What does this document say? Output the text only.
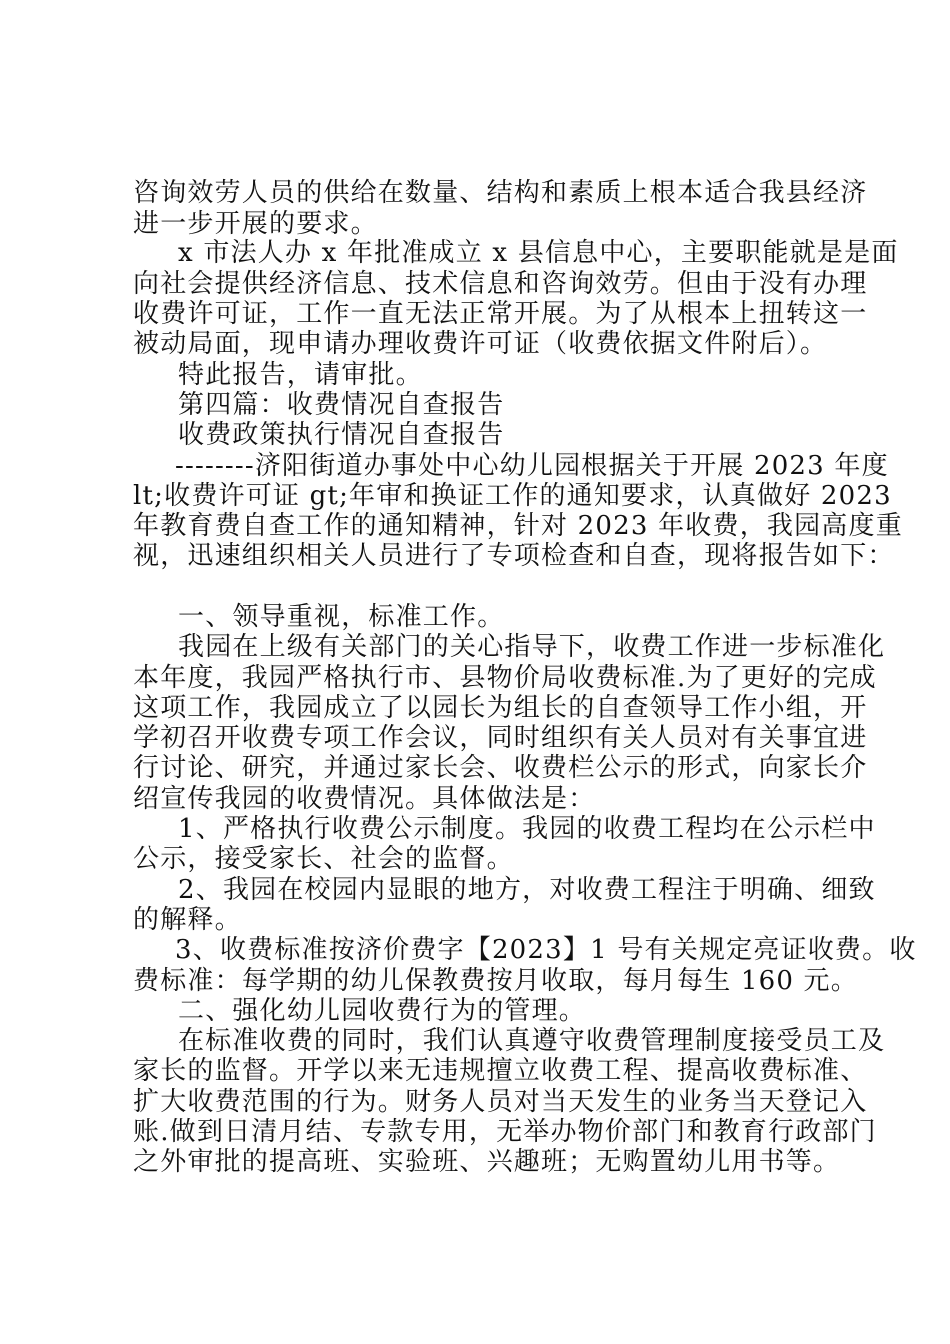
咨询效劳人员的供给在数量、结构和素质上根本适合我县经济
进一步开展的要求。
x 市法人办 x 年批准成立 x 县信息中心，主要职能就是是面
向社会提供经济信息、技术信息和咨询效劳。但由于没有办理
收费许可证，工作一直无法正常开展。为了从根本上扭转这一
被动局面，现申请办理收费许可证（收费依据文件附后）。
特此报告，请审批。
第四篇：收费情况自查报告
收费政策执行情况自查报告
--------济阳街道办事处中心幼儿园根据关于开展 2023 年度
lt;收费许可证 gt;年审和换证工作的通知要求，认真做好 2023
年教育费自查工作的通知精神，针对 2023 年收费，我园高度重
视，迅速组织相关人员进行了专项检查和自查，现将报告如下：
一、领导重视，标准工作。
我园在上级有关部门的关心指导下，收费工作进一步标准化
本年度，我园严格执行市、县物价局收费标准.为了更好的完成
这项工作，我园成立了以园长为组长的自查领导工作小组，开
学初召开收费专项工作会议，同时组织有关人员对有关事宜进
行讨论、研究，并通过家长会、收费栏公示的形式，向家长介
绍宣传我园的收费情况。具体做法是：
1、严格执行收费公示制度。我园的收费工程均在公示栏中
公示，接受家长、社会的监督。
2、我园在校园内显眼的地方，对收费工程注于明确、细致
的解释。
3、收费标准按济价费字【2023】1 号有关规定亮证收费。收
费标准：每学期的幼儿保教费按月收取，每月每生 160 元。
二、强化幼儿园收费行为的管理。
在标准收费的同时，我们认真遵守收费管理制度接受员工及
家长的监督。开学以来无违规擅立收费工程、提高收费标准、
扩大收费范围的行为。财务人员对当天发生的业务当天登记入
账.做到日清月结、专款专用，无举办物价部门和教育行政部门
之外审批的提高班、实验班、兴趣班；无购置幼儿用书等。
